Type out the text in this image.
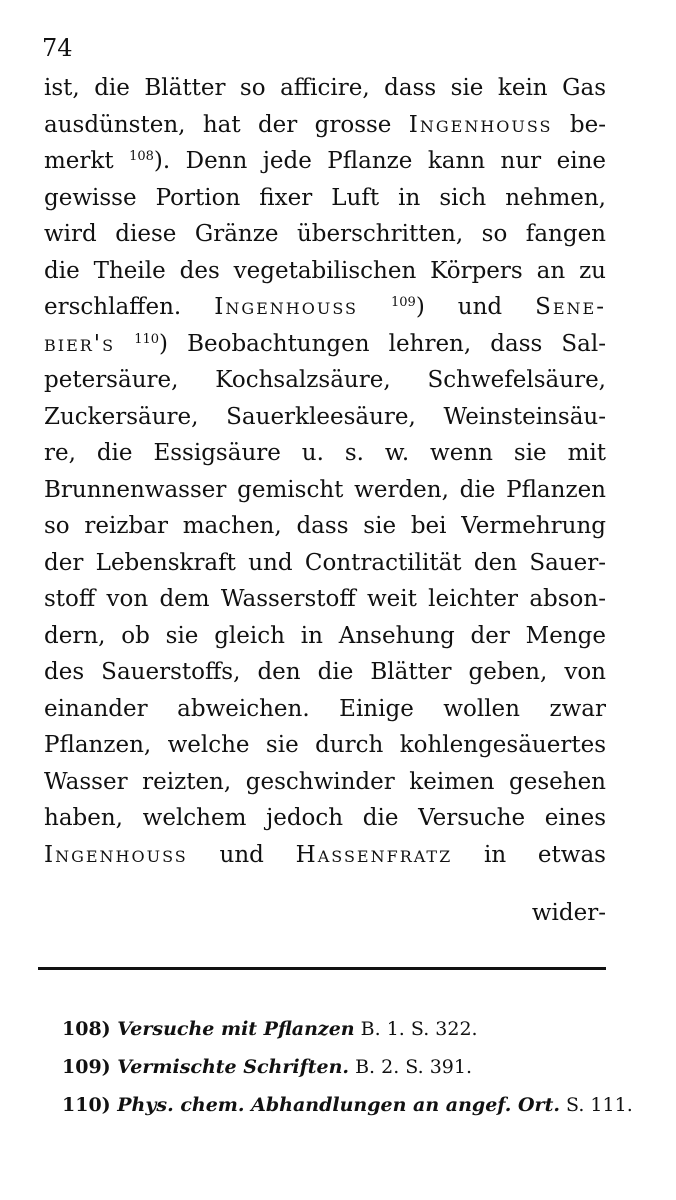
74
ist, die Blätter so afficire, dass sie kein Gas
ausdünsten, hat der grosse Ingenhouss be-
merkt $^{108}$). Denn jede Pflanze kann nur eine
gewisse Portion fixer Luft in sich nehmen,
wird diese Gränze überschritten, so fangen
die Theile des vegetabilischen Körpers an zu
erschlaffen. Ingenhouss	$^{109}$) und Sene-
bier's $^{110}$) Beobachtungen lehren, dass Sal-
petersäure, Kochsalzsäure, Schwefelsäure,
Zuckersäure, Sauerkleesäure, Weinsteinsäu-
re, die Essigsäure u. s. w. wenn sie mit
Brunnenwasser gemischt werden, die Pflanzen
so reizbar machen, dass sie bei Vermehrung
der Lebenskraft und Contractilität den Sauer-
stoff von dem Wasserstoff weit leichter abson-
dern, ob sie gleich in Ansehung der Menge
des Sauerstoffs, den die Blätter geben, von
einander abweichen. Einige wollen zwar
Pflanzen, welche sie durch kohlengesäuertes
Wasser reizten, geschwinder keimen gesehen
haben, welchem jedoch die Versuche eines
Ingenhouss und Hassenfratz in etwas
wider-
108) Versuche mit Pflanzen B. 1. S. 322.
109) Vermischte Schriften. B. 2. S. 391.
110) Phys. chem. Abhandlungen an angef. Ort. S. 111.
